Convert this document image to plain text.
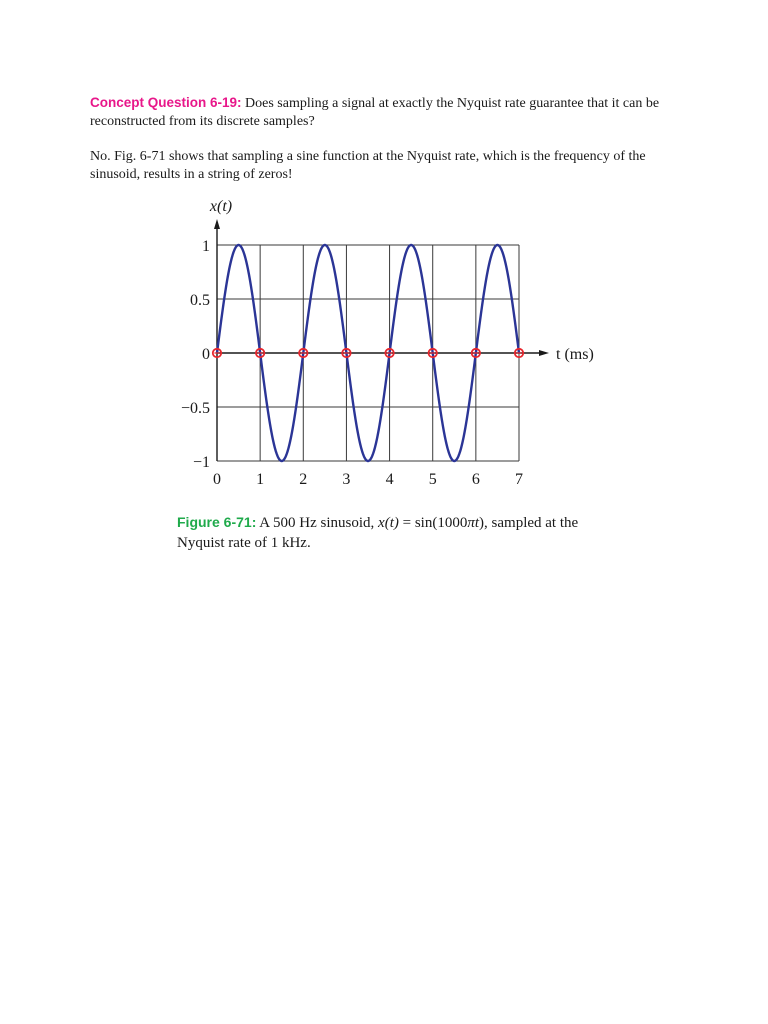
Concept Question 6-19: Does sampling a signal at exactly the Nyquist rate guarantee that it can be reconstructed from its discrete samples?

No. Fig. 6-71 shows that sampling a sine function at the Nyquist rate, which is the frequency of the sinusoid, results in a string of zeros!

1
0.5
0
−0.5
−1
0 1 2 3 4 5 6 7
x(t)
t (ms)

Figure 6-71: A 500 Hz sinusoid, x(t) = sin(1000πt), sampled at the Nyquist rate of 1 kHz.
